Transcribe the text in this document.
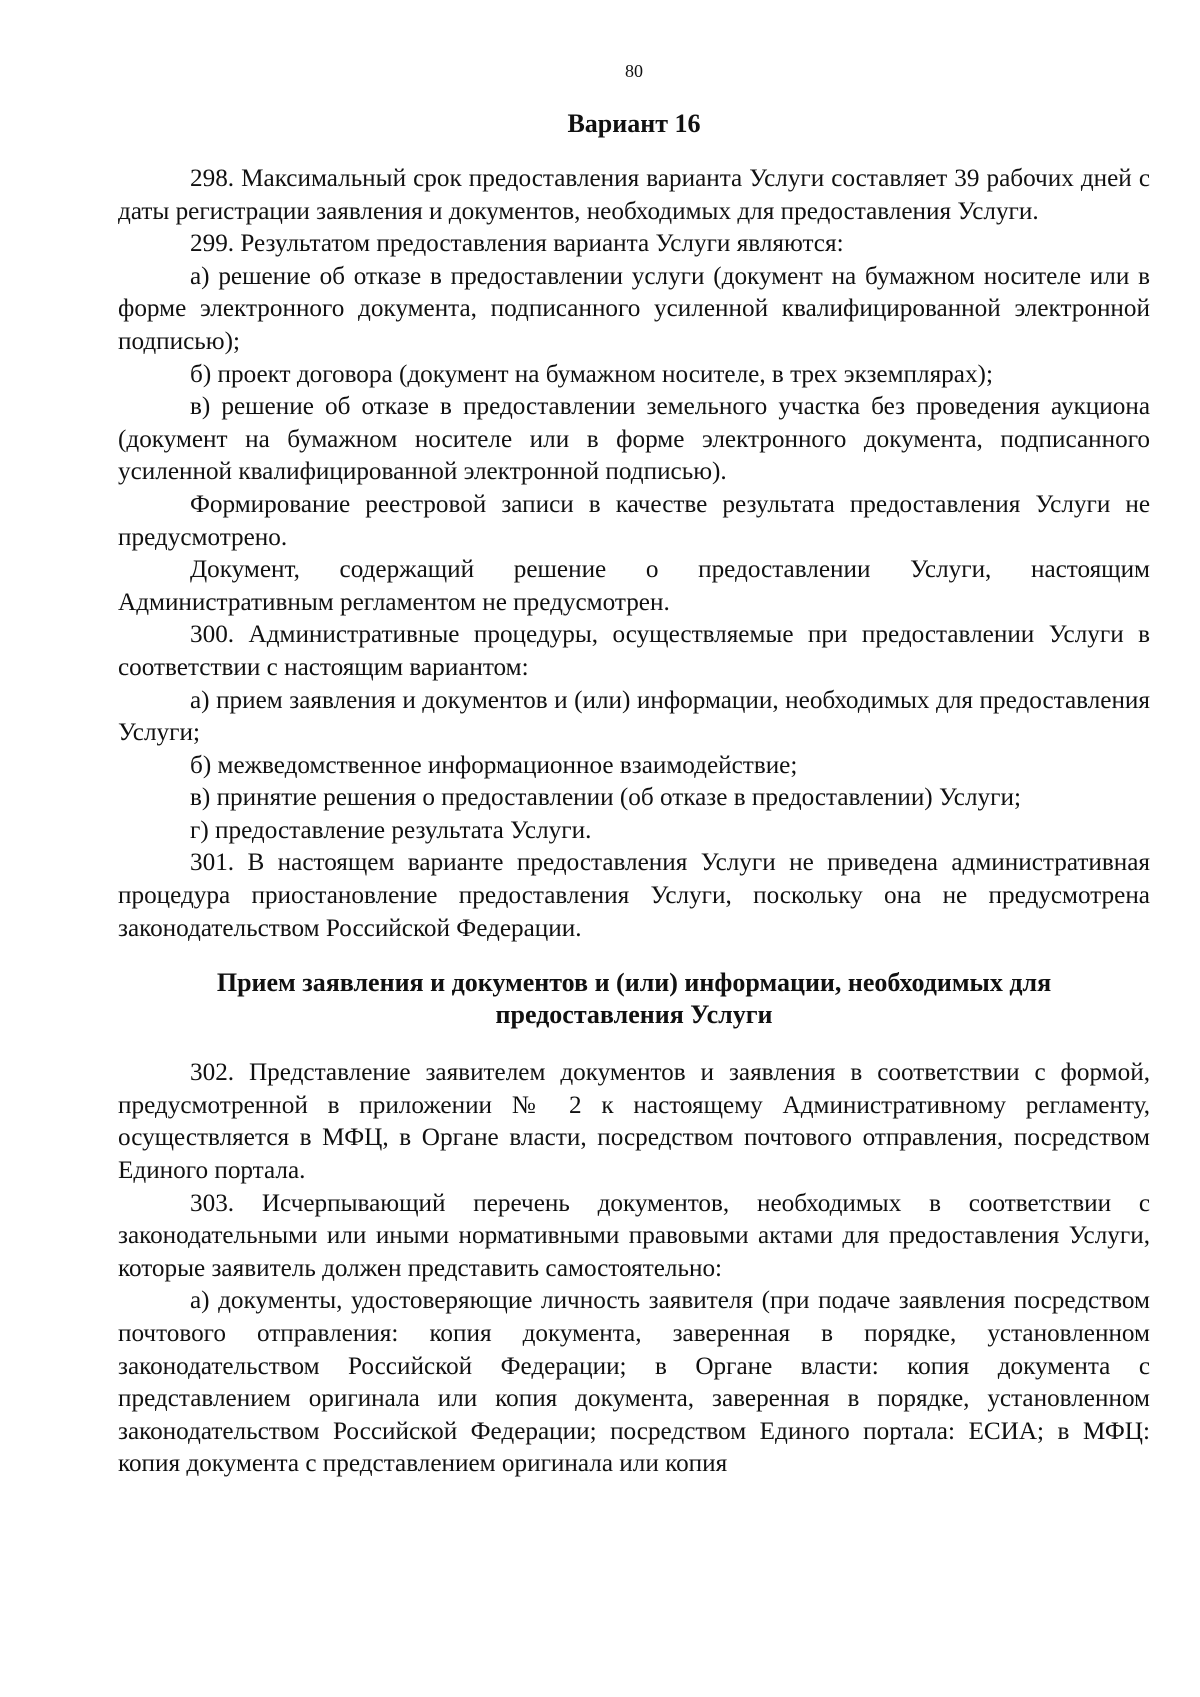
80
Вариант 16

298. Максимальный срок предоставления варианта Услуги составляет 39 рабочих дней с даты регистрации заявления и документов, необходимых для предоставления Услуги.

299. Результатом предоставления варианта Услуги являются:

а) решение об отказе в предоставлении услуги (документ на бумажном носителе или в форме электронного документа, подписанного усиленной квалифицированной электронной подписью);

б) проект договора (документ на бумажном носителе, в трех экземплярах);

в) решение об отказе в предоставлении земельного участка без проведения аукциона (документ на бумажном носителе или в форме электронного документа, подписанного усиленной квалифицированной электронной подписью).

Формирование реестровой записи в качестве результата предоставления Услуги не предусмотрено.

Документ, содержащий решение о предоставлении Услуги, настоящим Административным регламентом не предусмотрен.

300. Административные процедуры, осуществляемые при предоставлении Услуги в соответствии с настоящим вариантом:

а) прием заявления и документов и (или) информации, необходимых для предоставления Услуги;

б) межведомственное информационное взаимодействие;

в) принятие решения о предоставлении (об отказе в предоставлении) Услуги;

г) предоставление результата Услуги.

301. В настоящем варианте предоставления Услуги не приведена административная процедура приостановление предоставления Услуги, поскольку она не предусмотрена законодательством Российской Федерации.

Прием заявления и документов и (или) информации, необходимых для
предоставления Услуги

302. Представление заявителем документов и заявления в соответствии с формой, предусмотренной в приложении № 2 к настоящему Административному регламенту, осуществляется в МФЦ, в Органе власти, посредством почтового отправления, посредством Единого портала.

303. Исчерпывающий перечень документов, необходимых в соответствии с законодательными или иными нормативными правовыми актами для предоставления Услуги, которые заявитель должен представить самостоятельно:

а) документы, удостоверяющие личность заявителя (при подаче заявления посредством почтового отправления: копия документа, заверенная в порядке, установленном законодательством Российской Федерации; в Органе власти: копия документа с представлением оригинала или копия документа, заверенная в порядке, установленном законодательством Российской Федерации; посредством Единого портала: ЕСИА; в МФЦ: копия документа с представлением оригинала или копия
